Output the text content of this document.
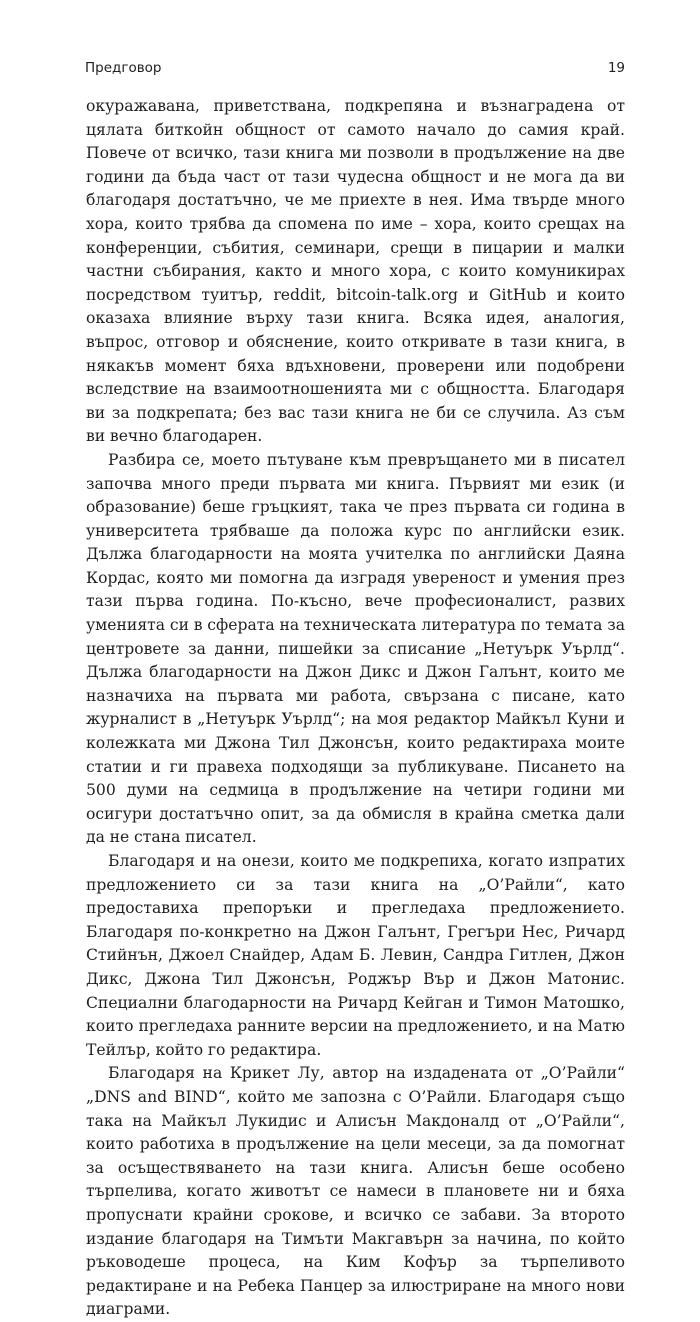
Предговор	19

окуражавана, приветствана, подкрепяна и възнаградена от цялата биткойн общност от самото начало до самия край. Повече от всичко, тази книга ми позволи в продължение на две години да бъда част от тази чудесна общност и не мога да ви благодаря достатъчно, че ме приехте в нея. Има твърде много хора, които трябва да спомена по име – хора, които срещах на конференции, събития, семинари, срещи в пицарии и малки частни събирания, както и много хора, с които комуникирах посредством туитър, reddit, bitcoin-talk.org и GitHub и които оказаха влияние върху тази книга. Всяка идея, аналогия, въпрос, отговор и обяснение, които откривате в тази книга, в някакъв момент бяха вдъхновени, проверени или подобрени вследствие на взаимоотношенията ми с общността. Благодаря ви за подкрепата; без вас тази книга не би се случила. Аз съм ви вечно благодарен.

Разбира се, моето пътуване към превръщането ми в писател започва много преди първата ми книга. Първият ми език (и образование) беше гръцкият, така че през първата си година в университета трябваше да положа курс по английски език. Дълж​а благодарности на моята учителка по английски Даяна Кордас, която ми помогна да изградя увереност и умения през тази първа година. По-късно, вече професионалист, развих уменията си в сферата на техническата литература по темата за центровете за данни, пишейки за списание „Нетуърк Уърлд“. Дължа благодарности на Джон Дикс и Джон Галънт, които ме назначиха на първата ми работа, свързана с писане, като журналист в „Нетуърк Уърлд“; на моя редактор Майкъл Куни и колежката ми Джона Тил Джонсън, които редактираха моите статии и ги правеха подходящи за публикуване. Писането на 500 думи на седмица в продължение на четири години ми осигури достатъчно опит, за да обмисля в крайна сметка дали да не стана писател.

Благодаря и на онези, които ме подкрепиха, когато изпратих предложението си за тази книга на „О’Райли“, като предоставиха препоръки и прегледаха предложението. Благодаря по-конкретно на Джон Галънт, Грегъри Нес, Ричард Стийнън, Джоел Снайдер, Адам Б. Левин, Сандра Гитлен, Джон Дикс, Джона Тил Джонсън, Роджър Вър и Джон Матонис. Специални благодарности на Ричард Кейган и Тимон Матошко, които прегледаха ранните версии на предложението, и на Матю Тейлър, който го редактира.

Благодаря на Крикет Лу, автор на издадената от „О’Райли“ „DNS and BIND“, който ме запозна с О’Райли. Благодаря също така на Майкъл Лукидис и Алисън Макдоналд от „О’Райли“, които работиха в продължение на цели месеци, за да помогнат за осъществяването на тази книга. Алисън беше особено търпелива, когато животът се намеси в плановете ни и бяха пропуснати крайни срокове, и всичко се забави. За второто издание благодаря на Тимъти Макгавърн за начина, по който ръководеше процеса, на Ким Кофър за търпеливото редактиране и на Ребека Панцер за илюстриране на много нови диаграми.
